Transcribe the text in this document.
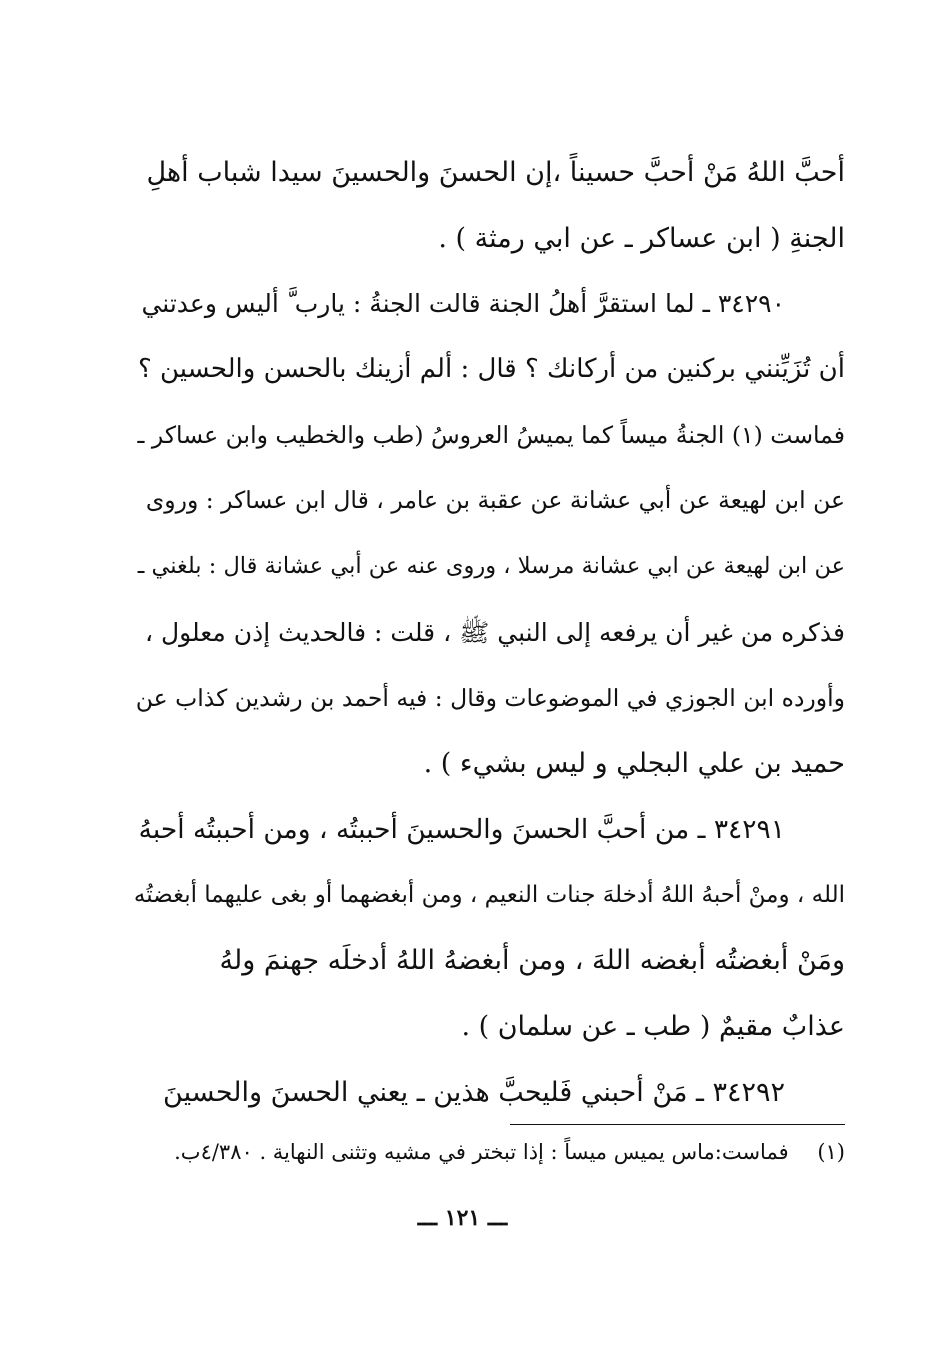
أحبَّ اللهُ مَنْ أحبَّ حسيناً ،إن الحسنَ والحسينَ سيدا شباب أهلِ
الجنةِ ( ابن عساكر ـ عن ابي رمثة ) .
٣٤٢٩٠ ـ لما استقرَّ أهلُ الجنة قالت الجنةُ : يارب َّ أليس وعدتني
أن تُزَيِّنني بركنين من أركانك ؟ قال : ألم أزينك بالحسن والحسين ؟
فماست (١) الجنةُ ميساً كما يميسُ العروسُ (طب والخطيب وابن عساكر ـ
عن ابن لهيعة عن أبي عشانة عن عقبة بن عامر ، قال ابن عساكر : وروى
عن ابن لهيعة عن ابي عشانة مرسلا ، وروى عنه عن أبي عشانة قال : بلغني ـ
فذكره من غير أن يرفعه إلى النبي ﷺ ، قلت : فالحديث إذن معلول ،
وأورده ابن الجوزي في الموضوعات وقال : فيه أحمد بن رشدين كذاب عن
حميد بن علي البجلي و ليس بشيء ) .
٣٤٢٩١ ـ من أحبَّ الحسنَ والحسينَ أحببتُه ، ومن أحببتُه أحبهُ
الله ، ومنْ أحبهُ اللهُ أدخلهَ جنات النعيم ، ومن أبغضهما أو بغى عليهما أبغضتُه
ومَنْ أبغضتُه أبغضه اللهَ ، ومن أبغضهُ اللهُ أدخلَه جهنمَ ولهُ
عذابٌ مقيمٌ ( طب ـ عن سلمان ) .
٣٤٢٩٢ ـ مَنْ أحبني فَليحبَّ هذين ـ يعني الحسنَ والحسينَ
(١) فماست:ماس يميس ميساً : إذا تبختر في مشيه وتثنى النهاية . ٤/٣٨٠ب.
ـــ ١٢١ ـــ
